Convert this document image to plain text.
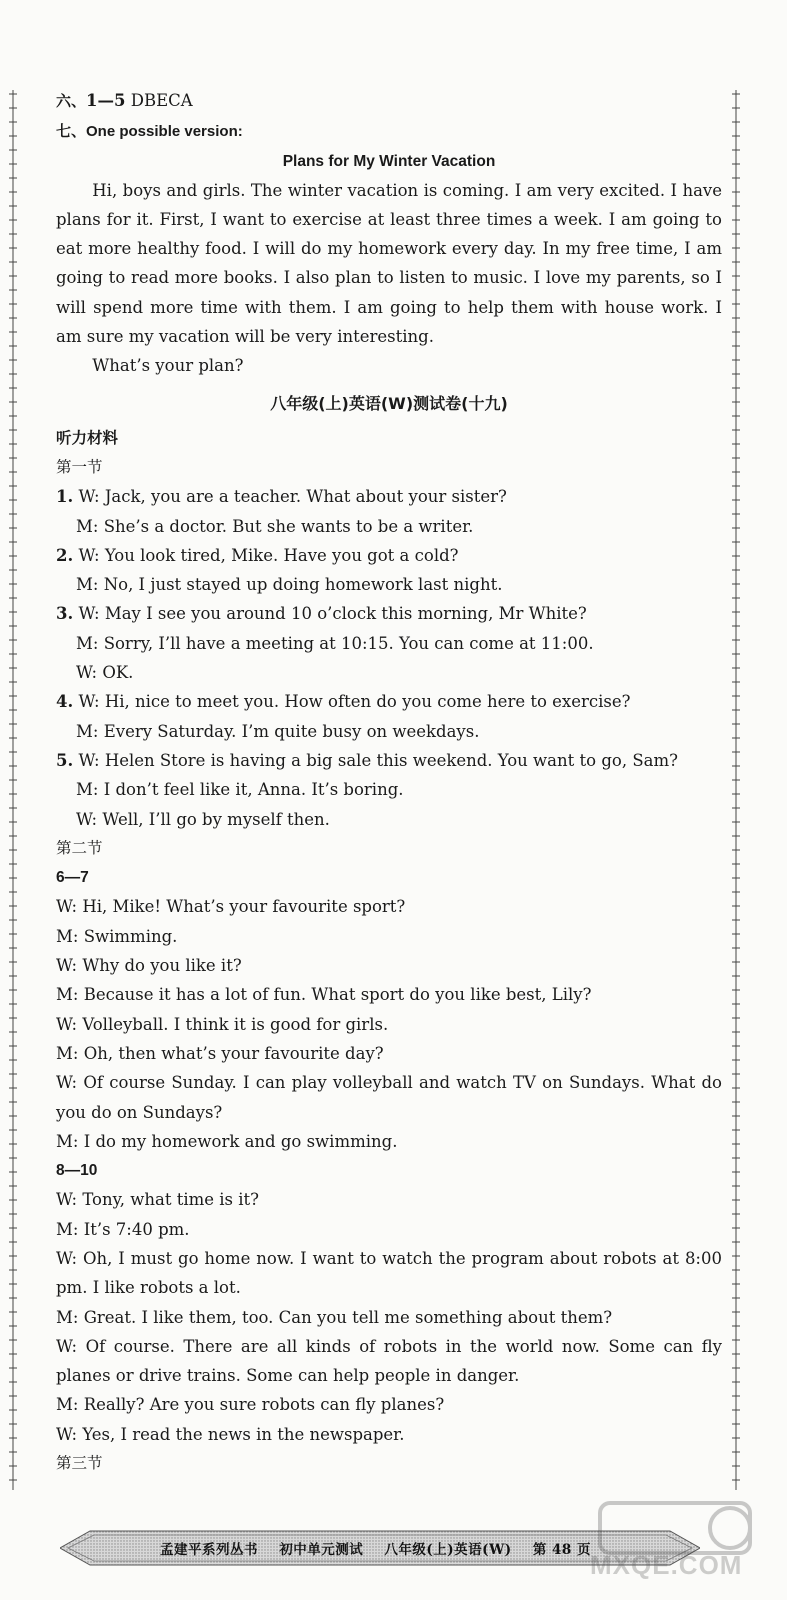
六、1—5 DBECA
七、One possible version:
Plans for My Winter Vacation
Hi, boys and girls. The winter vacation is coming. I am very excited. I have plans for it. First, I want to exercise at least three times a week. I am going to eat more healthy food. I will do my homework every day. In my free time, I am going to read more books. I also plan to listen to music. I love my parents, so I will spend more time with them. I am going to help them with house work. I am sure my vacation will be very interesting.
What’s your plan?
八年级(上)英语(W)测试卷(十九)
听力材料
第一节
1. W: Jack, you are a teacher. What about your sister?
M: She’s a doctor. But she wants to be a writer.
2. W: You look tired, Mike. Have you got a cold?
M: No, I just stayed up doing homework last night.
3. W: May I see you around 10 o’clock this morning, Mr White?
M: Sorry, I’ll have a meeting at 10:15. You can come at 11:00.
W: OK.
4. W: Hi, nice to meet you. How often do you come here to exercise?
M: Every Saturday. I’m quite busy on weekdays.
5. W: Helen Store is having a big sale this weekend. You want to go, Sam?
M: I don’t feel like it, Anna. It’s boring.
W: Well, I’ll go by myself then.
第二节
6—7
W: Hi, Mike! What’s your favourite sport?
M: Swimming.
W: Why do you like it?
M: Because it has a lot of fun. What sport do you like best, Lily?
W: Volleyball. I think it is good for girls.
M: Oh, then what’s your favourite day?
W: Of course Sunday. I can play volleyball and watch TV on Sundays. What do you do on Sundays?
M: I do my homework and go swimming.
8—10
W: Tony, what time is it?
M: It’s 7:40 pm.
W: Oh, I must go home now. I want to watch the program about robots at 8:00 pm. I like robots a lot.
M: Great. I like them, too. Can you tell me something about them?
W: Of course. There are all kinds of robots in the world now. Some can fly planes or drive trains. Some can help people in danger.
M: Really? Are you sure robots can fly planes?
W: Yes, I read the news in the newspaper.
第三节
孟建平系列丛书 初中单元测试 八年级(上)英语(W) 第 48 页
MXQE.COM
